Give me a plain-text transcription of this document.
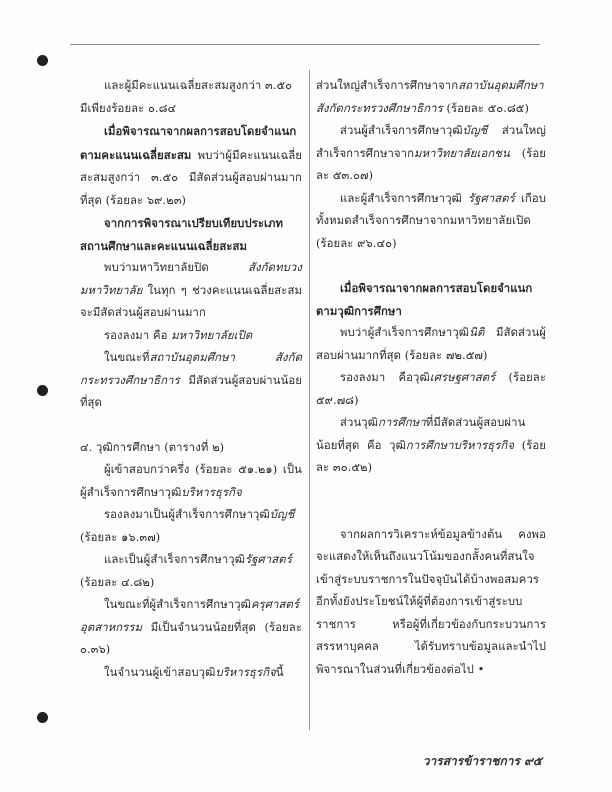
และผู้มีคะแนนเฉลี่ยสะสมสูงกว่า ๓.๕๐
มีเพียงร้อยละ ๐.๘๔

เมื่อพิจารณาจากผลการสอบโดยจำแนกตามคะแนนเฉลี่ยสะสม พบว่าผู้มีคะแนนเฉลี่ยสะสมสูงกว่า ๓.๕๐ มีสัดส่วนผู้สอบผ่านมากที่สุด (ร้อยละ ๖๙.๒๓)

จากการพิจารณาเปรียบเทียบประเภทสถานศึกษาและคะแนนเฉลี่ยสะสม

พบว่ามหาวิทยาลัยปิด สังกัดทบวงมหาวิทยาลัย ในทุก ๆ ช่วงคะแนนเฉลี่ยสะสม จะมีสัดส่วนผู้สอบผ่านมาก

รองลงมา คือ มหาวิทยาลัยเปิด

ในขณะที่สถาบันอุดมศึกษา สังกัดกระทรวงศึกษาธิการ มีสัดส่วนผู้สอบผ่านน้อยที่สุด

๔. วุฒิการศึกษา (ตารางที่ ๒)

ผู้เข้าสอบกว่าครึ่ง (ร้อยละ ๕๑.๒๑) เป็นผู้สำเร็จการศึกษาวุฒิบริหารธุรกิจ

รองลงมาเป็นผู้สำเร็จการศึกษาวุฒิบัญชี (ร้อยละ ๑๖.๓๗)

และเป็นผู้สำเร็จการศึกษาวุฒิรัฐศาสตร์ (ร้อยละ ๔.๘๒)

ในขณะที่ผู้สำเร็จการศึกษาวุฒิครุศาสตร์อุตสาหกรรม มีเป็นจำนวนน้อยที่สุด (ร้อยละ ๐.๓๖)

ในจำนวนผู้เข้าสอบวุฒิบริหารธุรกิจนี้

ส่วนใหญ่สำเร็จการศึกษาจากสถาบันอุดมศึกษา สังกัดกระทรวงศึกษาธิการ (ร้อยละ ๕๐.๘๕)

ส่วนผู้สำเร็จการศึกษาวุฒิบัญชี ส่วนใหญ่สำเร็จการศึกษาจากมหาวิทยาลัยเอกชน (ร้อยละ ๕๓.๐๗)

และผู้สำเร็จการศึกษาวุฒิ รัฐศาสตร์ เกือบทั้งหมดสำเร็จการศึกษาจากมหาวิทยาลัยเปิด (ร้อยละ ๙๖.๔๐)

เมื่อพิจารณาจากผลการสอบโดยจำแนกตามวุฒิการศึกษา

พบว่าผู้สำเร็จการศึกษาวุฒินิติ มีสัดส่วนผู้สอบผ่านมากที่สุด (ร้อยละ ๗๒.๕๗)

รองลงมา คือวุฒิเศรษฐศาสตร์ (ร้อยละ ๕๙.๗๘)

ส่วนวุฒิการศึกษาที่มีสัดส่วนผู้สอบผ่านน้อยที่สุด คือ วุฒิการศึกษาบริหารธุรกิจ (ร้อยละ ๓๐.๕๒)

จากผลการวิเคราะห์ข้อมูลข้างต้น คงพอจะแสดงให้เห็นถึงแนวโน้มของกลัังคนที่สนใจเข้าสู่ระบบราชการในปัจจุบันได้บ้างพอสมควร อีกทั้งยังประโยชน์ให้ผู้ที่ต้องการเข้าสู่ระบบราชการ หรือผู้ที่เกี่ยวข้องกับกระบวนการสรรหาบุคคล ได้รับทราบข้อมูลและนำไปพิจารณาในส่วนที่เกี่ยวข้องต่อไป •

วารสารข้าราชการ ๙๕
